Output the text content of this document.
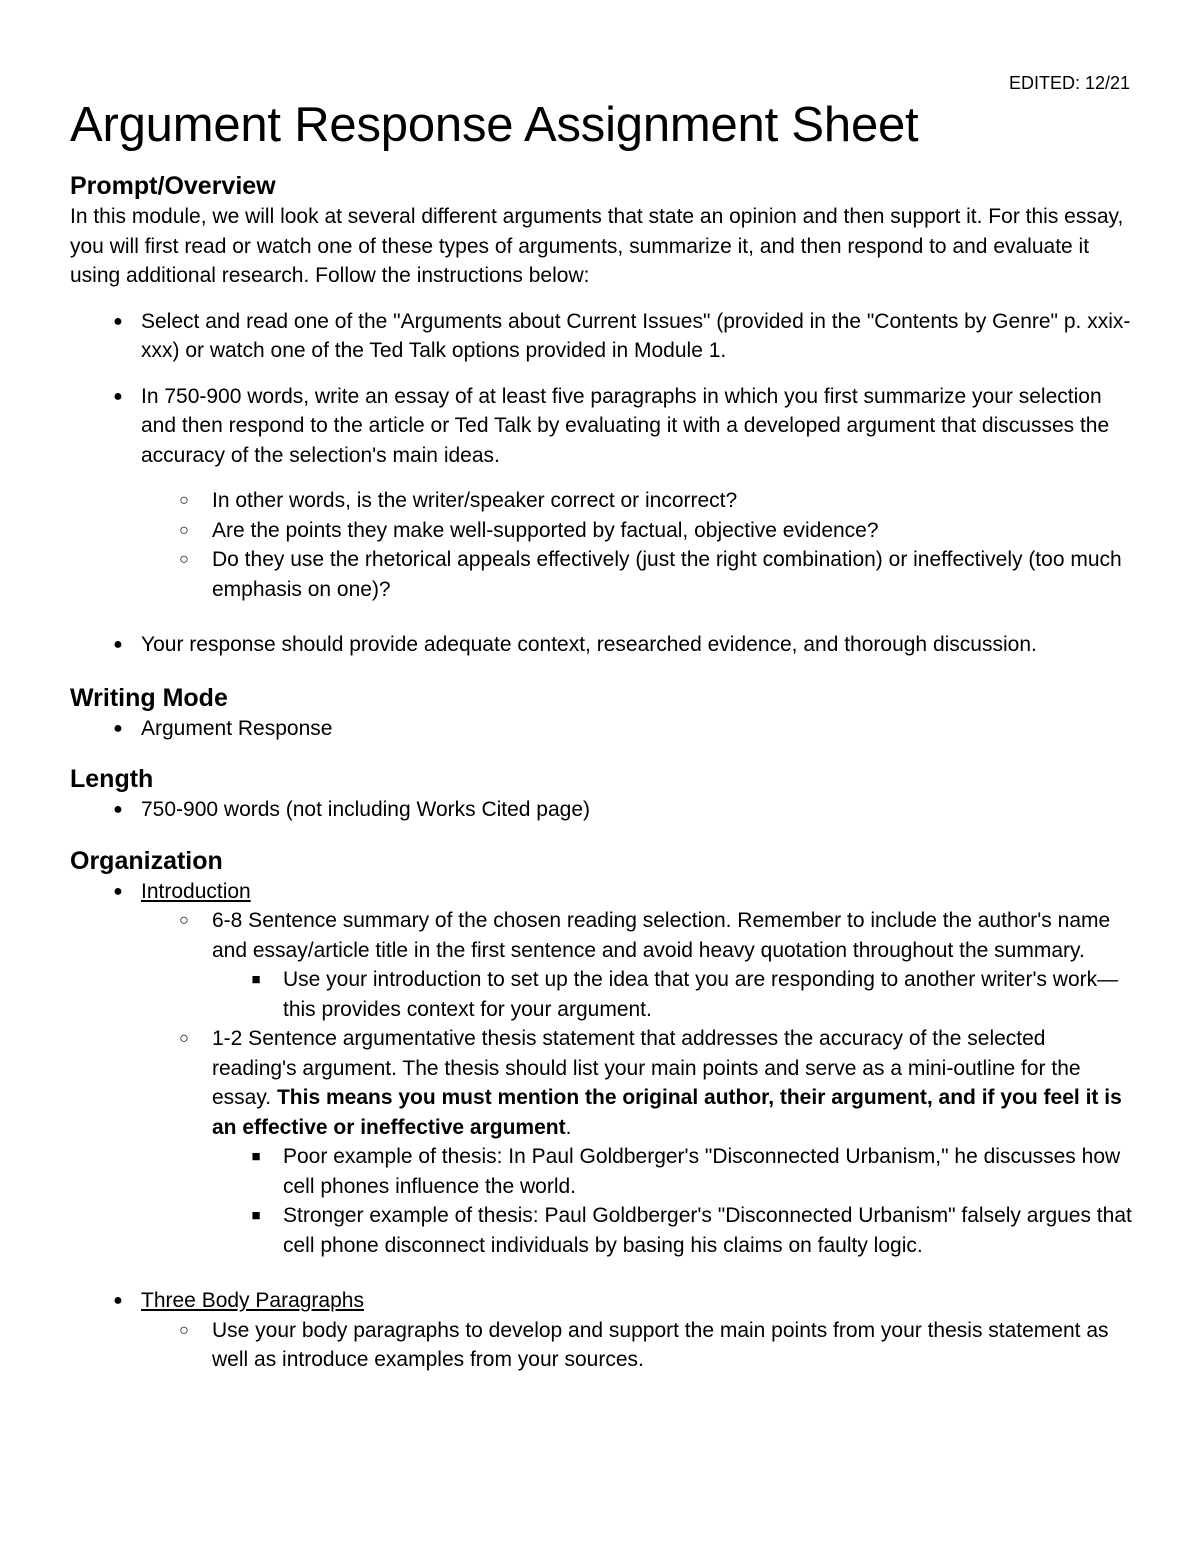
EDITED: 12/21
Argument Response Assignment Sheet
Prompt/Overview

In this module, we will look at several different arguments that state an opinion and then support it. For this essay, you will first read or watch one of these types of arguments, summarize it, and then respond to and evaluate it using additional research. Follow the instructions below:

● Select and read one of the "Arguments about Current Issues" (provided in the "Contents by Genre" p. xxix-xxx) or watch one of the Ted Talk options provided in Module 1.
● In 750-900 words, write an essay of at least five paragraphs in which you first summarize your selection and then respond to the article or Ted Talk by evaluating it with a developed argument that discusses the accuracy of the selection's main ideas.
○ In other words, is the writer/speaker correct or incorrect?
○ Are the points they make well-supported by factual, objective evidence?
○ Do they use the rhetorical appeals effectively (just the right combination) or ineffectively (too much emphasis on one)?
● Your response should provide adequate context, researched evidence, and thorough discussion.
Writing Mode
● Argument Response
Length
● 750-900 words (not including Works Cited page)
Organization
● Introduction
○ 6-8 Sentence summary of the chosen reading selection. Remember to include the author's name and essay/article title in the first sentence and avoid heavy quotation throughout the summary.
■ Use your introduction to set up the idea that you are responding to another writer's work—this provides context for your argument.
○ 1-2 Sentence argumentative thesis statement that addresses the accuracy of the selected reading's argument. The thesis should list your main points and serve as a mini-outline for the essay. This means you must mention the original author, their argument, and if you feel it is an effective or ineffective argument.
■ Poor example of thesis: In Paul Goldberger's "Disconnected Urbanism," he discusses how cell phones influence the world.
■ Stronger example of thesis: Paul Goldberger's "Disconnected Urbanism" falsely argues that cell phone disconnect individuals by basing his claims on faulty logic.
● Three Body Paragraphs
○ Use your body paragraphs to develop and support the main points from your thesis statement as well as introduce examples from your sources.
